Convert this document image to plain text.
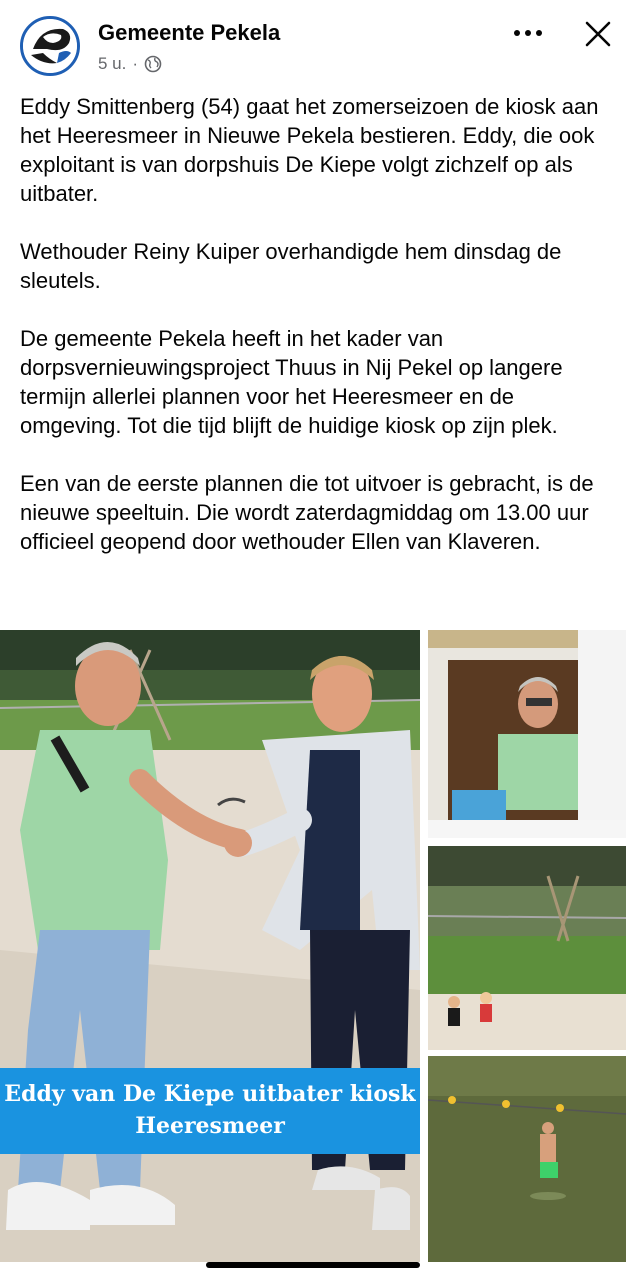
Gemeente Pekela
5 u. ·

Eddy Smittenberg (54) gaat het zomerseizoen de kiosk aan het Heeresmeer in Nieuwe Pekela bestieren. Eddy, die ook exploitant is van dorpshuis De Kiepe volgt zichzelf op als uitbater.

Wethouder Reiny Kuiper overhandigde hem dinsdag de sleutels.

De gemeente Pekela heeft in het kader van dorpsvernieuwingsproject Thuus in Nij Pekel op langere termijn allerlei plannen voor het Heeresmeer en de omgeving. Tot die tijd blijft de huidige kiosk op zijn plek.

Een van de eerste plannen die tot uitvoer is gebracht, is de nieuwe speeltuin. Die wordt zaterdagmiddag om 13.00 uur officieel geopend door wethouder Ellen van Klaveren.

Eddy van De Kiepe uitbater kiosk
Heeresmeer
